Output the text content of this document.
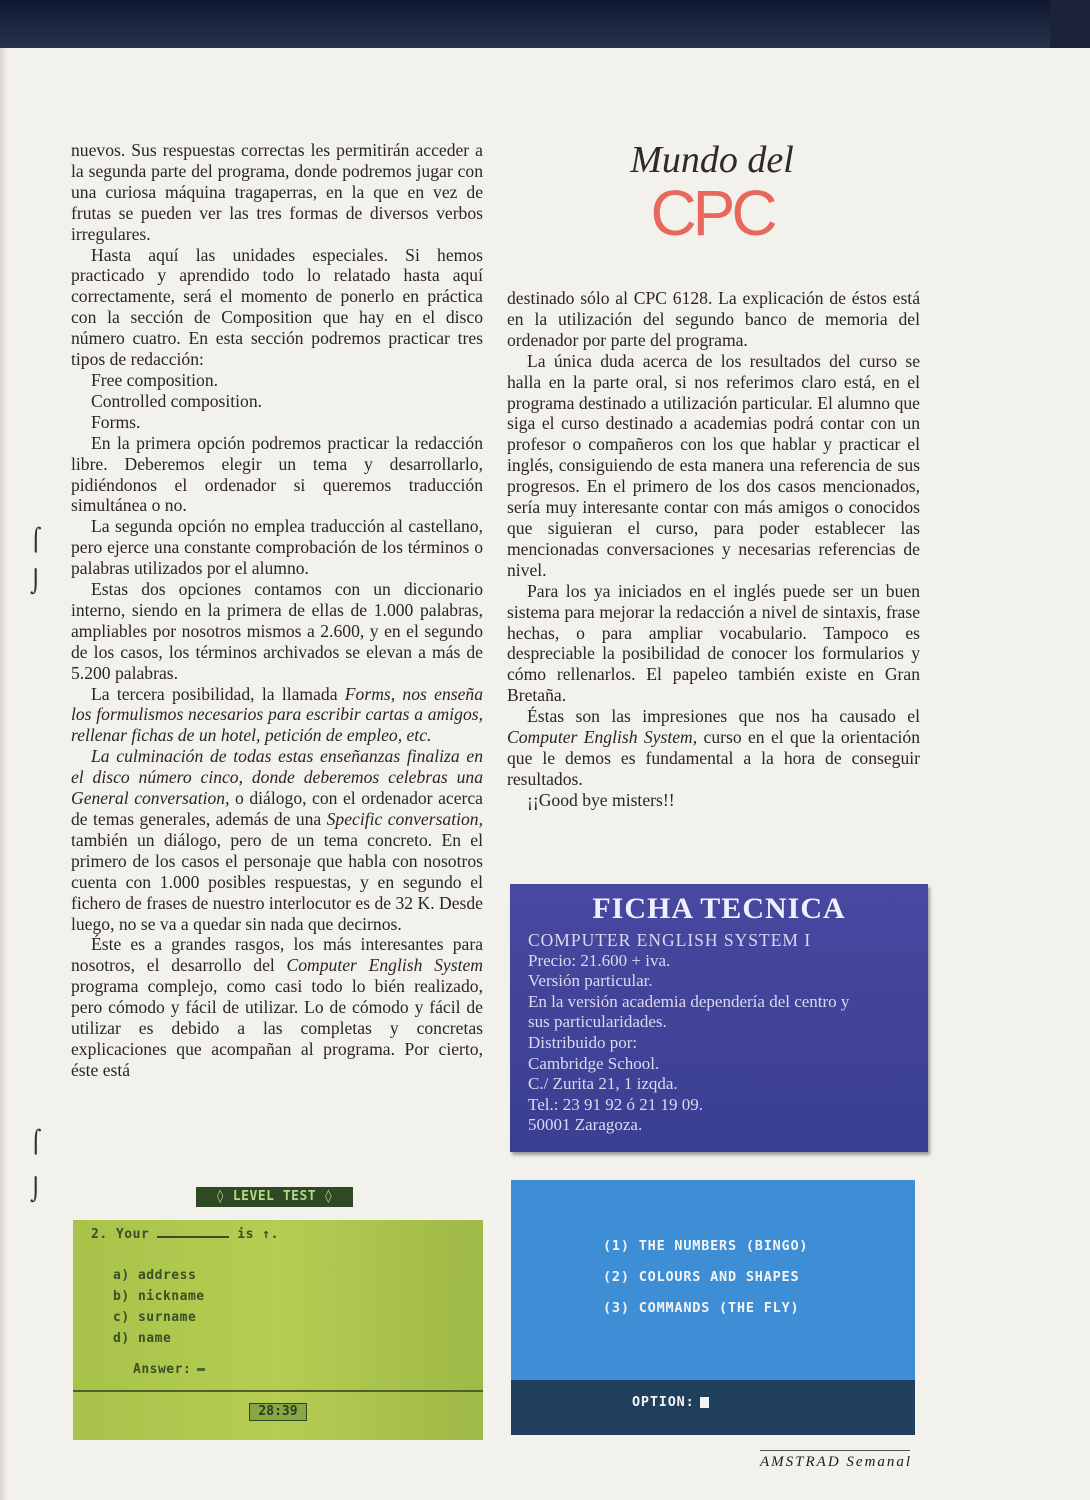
⌠
⌡
⌠
⌡
Mundo del
CPC

nuevos. Sus respuestas correctas les permitirán acceder a la segunda parte del programa, donde podremos jugar con una curiosa máquina tragaperras, en la que en vez de frutas se pueden ver las tres formas de diversos verbos irregulares.

Hasta aquí las unidades especiales. Si hemos practicado y aprendido todo lo relatado hasta aquí correctamente, será el momento de ponerlo en práctica con la sección de Composition que hay en el disco número cuatro. En esta sección podremos practicar tres tipos de redacción:

Free composition.

Controlled composition.

Forms.

En la primera opción podremos practicar la redacción libre. Deberemos elegir un tema y desarrollarlo, pidiéndonos el ordenador si queremos traducción simultánea o no.

La segunda opción no emplea traducción al castellano, pero ejerce una constante comprobación de los términos o palabras utilizados por el alumno.

Estas dos opciones contamos con un diccionario interno, siendo en la primera de ellas de 1.000 palabras, ampliables por nosotros mismos a 2.600, y en el segundo de los casos, los términos archivados se elevan a más de 5.200 palabras.

La tercera posibilidad, la llamada Forms, nos enseña los formulismos necesarios para escribir cartas a amigos, rellenar fichas de un hotel, petición de empleo, etc.

La culminación de todas estas enseñanzas finaliza en el disco número cinco, donde deberemos celebras una General conversation, o diálogo, con el ordenador acerca de temas generales, además de una Specific conversation, también un diálogo, pero de un tema concreto. En el primero de los casos el personaje que habla con nosotros cuenta con 1.000 posibles respuestas, y en segundo el fichero de frases de nuestro interlocutor es de 32 K. Desde luego, no se va a quedar sin nada que decirnos.

Éste es a grandes rasgos, los más interesantes para nosotros, el desarrollo del Computer English System programa complejo, como casi todo lo bién realizado, pero cómodo y fácil de utilizar. Lo de cómodo y fácil de utilizar es debido a las completas y concretas explicaciones que acompañan al programa. Por cierto, éste está

destinado sólo al CPC 6128. La explicación de éstos está en la utilización del segundo banco de memoria del ordenador por parte del programa.

La única duda acerca de los resultados del curso se halla en la parte oral, si nos referimos claro está, en el programa destinado a utilización particular. El alumno que siga el curso destinado a academias podrá contar con un profesor o compañeros con los que hablar y practicar el inglés, consiguiendo de esta manera una referencia de sus progresos. En el primero de los dos casos mencionados, sería muy interesante contar con más amigos o conocidos que siguieran el curso, para poder establecer las mencionadas conversaciones y necesarias referencias de nivel.

Para los ya iniciados en el inglés puede ser un buen sistema para mejorar la redacción a nivel de sintaxis, frase hechas, o para ampliar vocabulario. Tampoco es despreciable la posibilidad de conocer los formularios y cómo rellenarlos. El papeleo también existe en Gran Bretaña.

Éstas son las impresiones que nos ha causado el Computer English System, curso en el que la orientación que le demos es fundamental a la hora de conseguir resultados.

¡¡Good bye misters!!

FICHA TECNICA
COMPUTER ENGLISH SYSTEM I
Precio: 21.600 + iva.
Versión particular.
En la versión academia dependería del centro y
sus particularidades.
Distribuido por:
Cambridge School.
C./ Zurita 21, 1 izqda.
Tel.: 23 91 92 ó 21 19 09.
50001 Zaragoza.
◊ LEVEL TEST ◊
2. Your	is ↑.
a) address
b) nickname
c) surname
d) name
Answer:
28:39
(1) THE NUMBERS (BINGO)
(2) COLOURS AND SHAPES
(3) COMMANDS (THE FLY)
OPTION:
AMSTRAD Semanal
